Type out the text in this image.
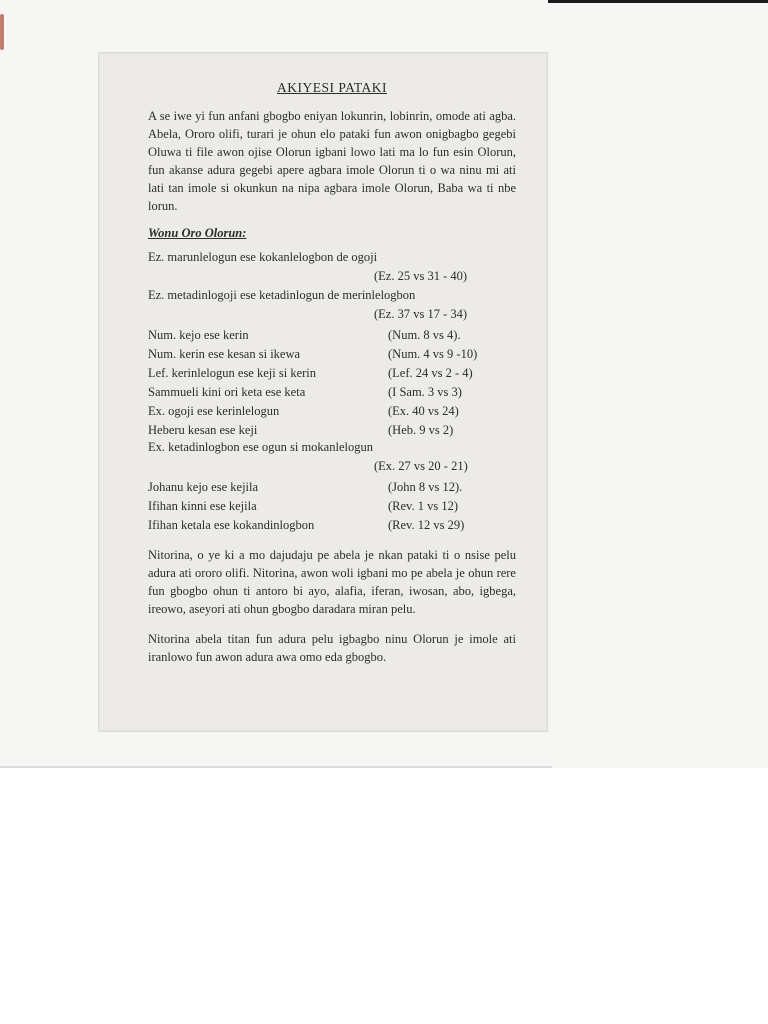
AKIYESI PATAKI
A se iwe yi fun anfani gbogbo eniyan lokunrin, lobinrin, omode ati agba. Abela, Ororo olifi, turari je ohun elo pataki fun awon onigbagbo gegebi Oluwa ti file awon ojise Olorun igbani lowo lati ma lo fun esin Olorun, fun akanse adura gegebi apere agbara imole Olorun ti o wa ninu mi ati lati tan imole si okunkun na nipa agbara imole Olorun, Baba wa ti nbe lorun.
Wonu Oro Olorun:
Ez. marunlelogun ese kokanlelogbon de ogoji
(Ez. 25 vs 31 - 40)
Ez. metadinlogoji ese ketadinlogun de merinlelogbon
(Ez. 37 vs 17 - 34)
Num. kejo ese kerin	(Num. 8 vs 4).
Num. kerin ese kesan si ikewa	(Num. 4 vs 9 -10)
Lef. kerinlelogun ese keji si kerin	(Lef. 24 vs 2 - 4)
Sammueli kini ori keta ese keta	(I Sam. 3 vs 3)
Ex. ogoji ese kerinlelogun	(Ex. 40 vs 24)
Heberu kesan ese keji	(Heb. 9 vs 2)
Ex. ketadinlogbon ese ogun si mokanlelogun
(Ex. 27 vs 20 - 21)
Johanu kejo ese kejila	(John 8 vs 12).
Ifihan kinni ese kejila	(Rev. 1 vs 12)
Ifihan ketala ese kokandinlogbon	(Rev. 12 vs 29)
Nitorina, o ye ki a mo dajudaju pe abela je nkan pataki ti o nsise pelu adura ati ororo olifi. Nitorina, awon woli igbani mo pe abela je ohun rere fun gbogbo ohun ti antoro bi ayo, alafia, iferan, iwosan, abo, igbega, ireowo, aseyori ati ohun gbogbo daradara miran pelu.
Nitorina abela titan fun adura pelu igbagbo ninu Olorun je imole ati iranlowo fun awon adura awa omo eda gbogbo.
